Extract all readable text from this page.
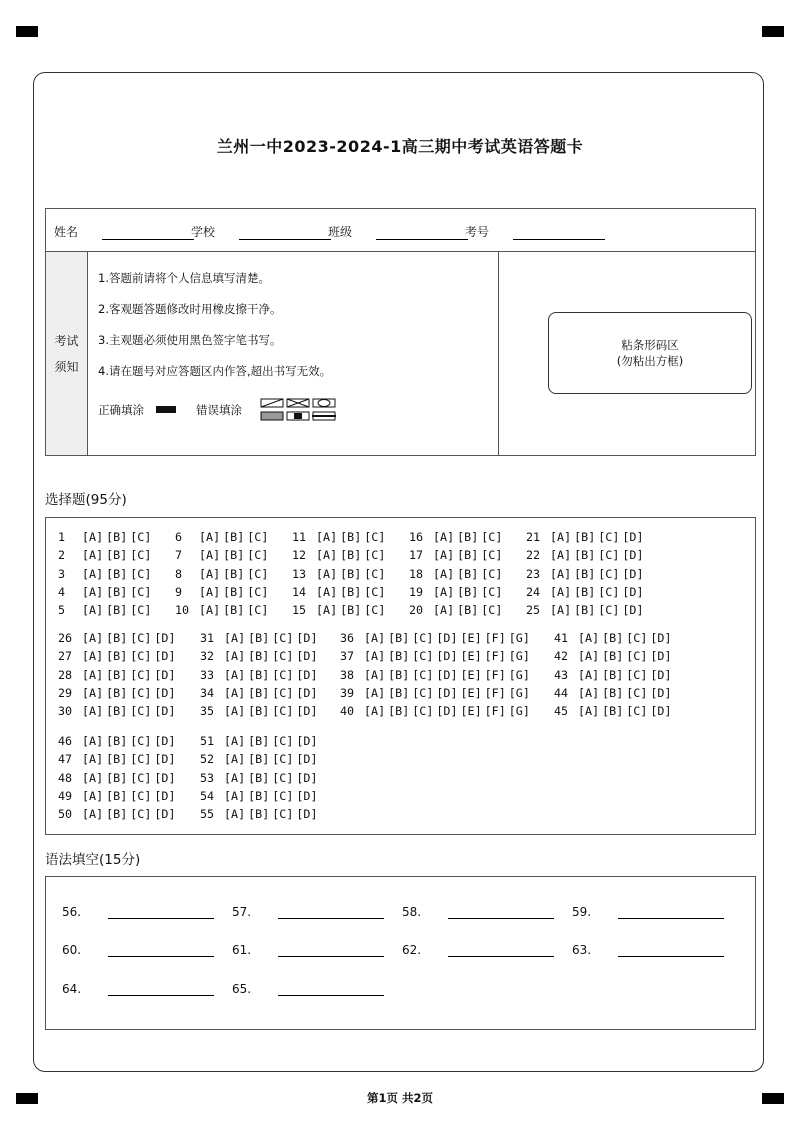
兰州一中2023-2024-1高三期中考试英语答题卡
姓名	学校	班级	考号
考试
须知
1.答题前请将个人信息填写清楚。
2.客观题答题修改时用橡皮擦干净。
3.主观题必须使用黑色签字笔书写。
4.请在题号对应答题区内作答,超出书写无效。
正确填涂	错误填涂
粘条形码区
(勿粘出方框)
选择题(95分)
1	[A] [B] [C]
2	[A] [B] [C]
3	[A] [B] [C]
4	[A] [B] [C]
5	[A] [B] [C]
6	[A] [B] [C]
7	[A] [B] [C]
8	[A] [B] [C]
9	[A] [B] [C]
10 [A] [B] [C]
11 [A] [B] [C]
12 [A] [B] [C]
13 [A] [B] [C]
14 [A] [B] [C]
15 [A] [B] [C]
16 [A] [B] [C]
17 [A] [B] [C]
18 [A] [B] [C]
19 [A] [B] [C]
20 [A] [B] [C]
21 [A] [B] [C] [D]
22 [A] [B] [C] [D]
23 [A] [B] [C] [D]
24 [A] [B] [C] [D]
25 [A] [B] [C] [D]
26 [A] [B] [C] [D]
27 [A] [B] [C] [D]
28 [A] [B] [C] [D]
29 [A] [B] [C] [D]
30 [A] [B] [C] [D]
31 [A] [B] [C] [D]
32 [A] [B] [C] [D]
33 [A] [B] [C] [D]
34 [A] [B] [C] [D]
35 [A] [B] [C] [D]
36 [A] [B] [C] [D] [E] [F] [G]
37 [A] [B] [C] [D] [E] [F] [G]
38 [A] [B] [C] [D] [E] [F] [G]
39 [A] [B] [C] [D] [E] [F] [G]
40 [A] [B] [C] [D] [E] [F] [G]
41 [A] [B] [C] [D]
42 [A] [B] [C] [D]
43 [A] [B] [C] [D]
44 [A] [B] [C] [D]
45 [A] [B] [C] [D]
46 [A] [B] [C] [D]
47 [A] [B] [C] [D]
48 [A] [B] [C] [D]
49 [A] [B] [C] [D]
50 [A] [B] [C] [D]
51 [A] [B] [C] [D]
52 [A] [B] [C] [D]
53 [A] [B] [C] [D]
54 [A] [B] [C] [D]
55 [A] [B] [C] [D]
语法填空(15分)
56.	57.	58.	59.
60.	61.	62.	63.
64.	65.
第1页 共2页
